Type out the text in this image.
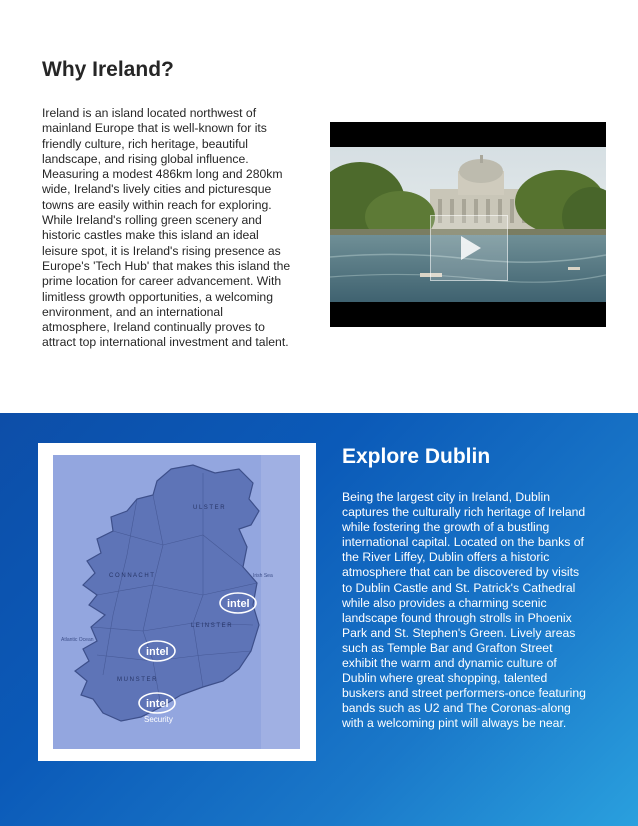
Why Ireland?

Ireland is an island located northwest of mainland Europe that is well-known for its friendly culture, rich heritage, beautiful landscape, and rising global influence. Measuring a modest 486km long and 280km wide, Ireland's lively cities and picturesque towns are easily within reach for exploring.

While Ireland's rolling green scenery and historic castles make this island an ideal leisure spot, it is Ireland's rising presence as Europe's 'Tech Hub' that makes this island the prime location for career advancement. With limitless growth opportunities, a welcoming environment, and an international atmosphere, Ireland continually proves to attract top international investment and talent.

Irish Sea
Atlantic Ocean
C O N N A C H T
L E I N S T E R
M U N S T E R
U L S T E R
intel
intel
intel
Security
Explore Dublin

Being the largest city in Ireland, Dublin captures the culturally rich heritage of Ireland while fostering the growth of a bustling international capital. Located on the banks of the River Liffey, Dublin offers a historic atmosphere that can be discovered by visits to Dublin Castle and St. Patrick's Cathedral while also provides a charming scenic landscape found through strolls in Phoenix Park and St. Stephen's Green. Lively areas such as Temple Bar and Grafton Street exhibit the warm and dynamic culture of Dublin where great shopping, talented buskers and street performers-once featuring bands such as U2 and The Coronas-along with a welcoming pint will always be near.
